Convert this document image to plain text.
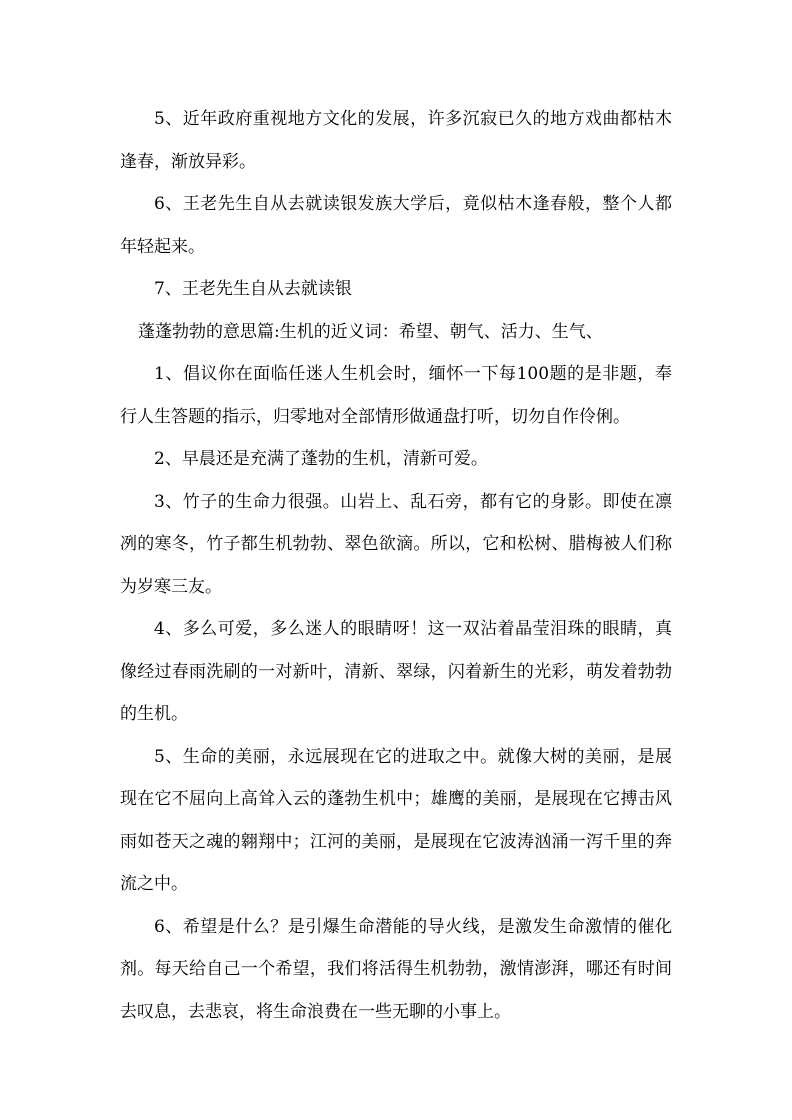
5、近年政府重视地方文化的发展，许多沉寂已久的地方戏曲都枯木逢春，渐放异彩。

6、王老先生自从去就读银发族大学后，竟似枯木逢春般，整个人都年轻起来。

7、王老先生自从去就读银

蓬蓬勃勃的意思篇:生机的近义词：希望、朝气、活力、生气、

1、倡议你在面临任迷人生机会时，缅怀一下每100题的是非题，奉行人生答题的指示，归零地对全部情形做通盘打听，切勿自作伶俐。

2、早晨还是充满了蓬勃的生机，清新可爱。

3、竹子的生命力很强。山岩上、乱石旁，都有它的身影。即使在凛冽的寒冬，竹子都生机勃勃、翠色欲滴。所以，它和松树、腊梅被人们称为岁寒三友。

4、多么可爱，多么迷人的眼睛呀！这一双沾着晶莹泪珠的眼睛，真像经过春雨洗刷的一对新叶，清新、翠绿，闪着新生的光彩，萌发着勃勃的生机。

5、生命的美丽，永远展现在它的进取之中。就像大树的美丽，是展现在它不屈向上高耸入云的蓬勃生机中；雄鹰的美丽，是展现在它搏击风雨如苍天之魂的翱翔中；江河的美丽，是展现在它波涛汹涌一泻千里的奔流之中。

6、希望是什么？是引爆生命潜能的导火线，是激发生命激情的催化剂。每天给自己一个希望，我们将活得生机勃勃，激情澎湃，哪还有时间去叹息，去悲哀，将生命浪费在一些无聊的小事上。
